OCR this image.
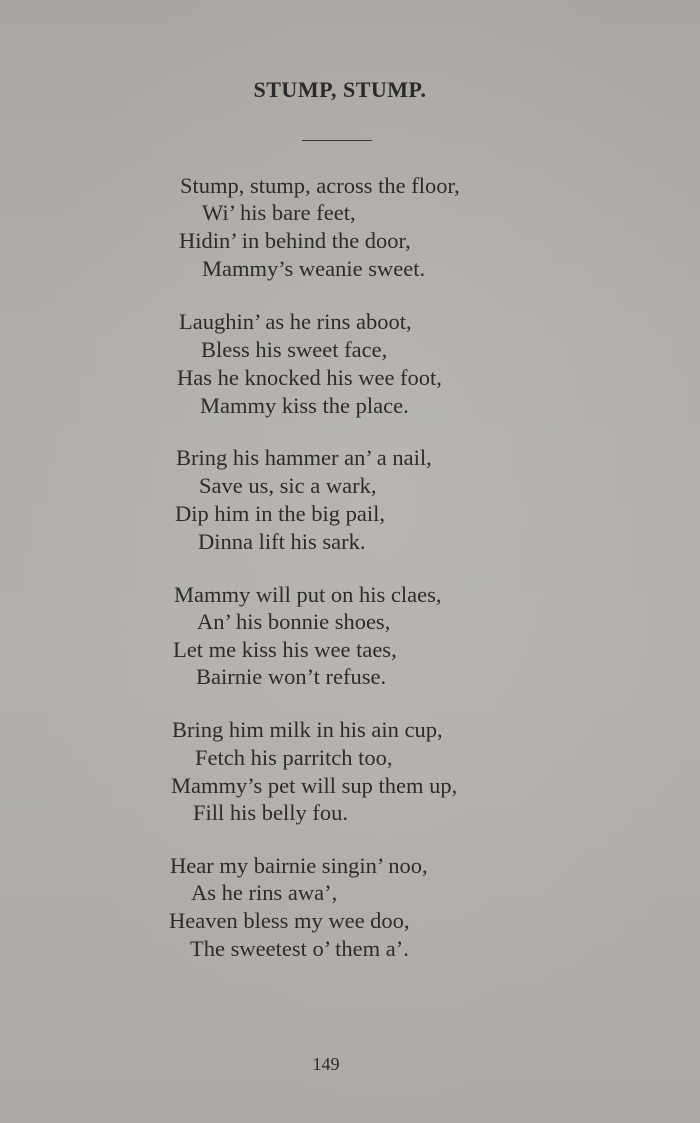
STUMP, STUMP.
Stump, stump, across the floor,
Wi’ his bare feet,
Hidin’ in behind the door,
Mammy’s weanie sweet.
Laughin’ as he rins aboot,
Bless his sweet face,
Has he knocked his wee foot,
Mammy kiss the place.
Bring his hammer an’ a nail,
Save us, sic a wark,
Dip him in the big pail,
Dinna lift his sark.
Mammy will put on his claes,
An’ his bonnie shoes,
Let me kiss his wee taes,
Bairnie won’t refuse.
Bring him milk in his ain cup,
Fetch his parritch too,
Mammy’s pet will sup them up,
Fill his belly fou.
Hear my bairnie singin’ noo,
As he rins awa’,
Heaven bless my wee doo,
The sweetest o’ them a’.
149
